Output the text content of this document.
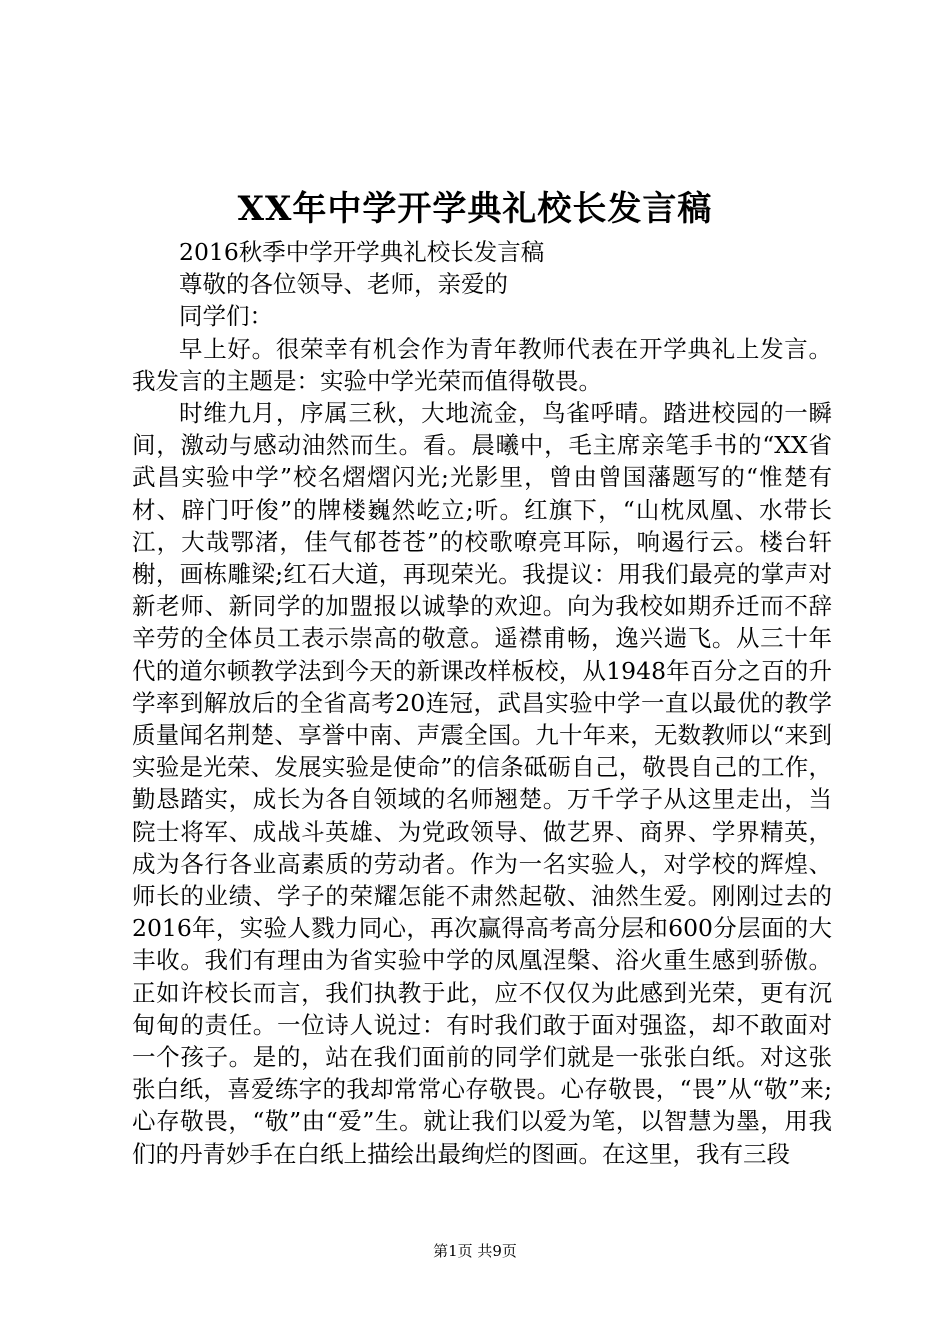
XX年中学开学典礼校长发言稿

2016秋季中学开学典礼校长发言稿

尊敬的各位领导、老师，亲爱的

同学们：

早上好。很荣幸有机会作为青年教师代表在开学典礼上发言。我发言的主题是：实验中学光荣而值得敬畏。

时维九月，序属三秋，大地流金，鸟雀呼晴。踏进校园的一瞬间，激动与感动油然而生。看。晨曦中，毛主席亲笔手书的“XX省武昌实验中学”校名熠熠闪光;光影里，曾由曾国藩题写的“惟楚有材、辟门吁俊”的牌楼巍然屹立;听。红旗下，“山枕凤凰、水带长江，大哉鄂渚，佳气郁苍苍”的校歌嘹亮耳际，响遏行云。楼台轩榭，画栋雕梁;红石大道，再现荣光。我提议：用我们最亮的掌声对新老师、新同学的加盟报以诚挚的欢迎。向为我校如期乔迁而不辞辛劳的全体员工表示崇高的敬意。遥襟甫畅，逸兴遄飞。从三十年代的道尔顿教学法到今天的新课改样板校，从1948年百分之百的升学率到解放后的全省高考20连冠，武昌实验中学一直以最优的教学质量闻名荆楚、享誉中南、声震全国。九十年来，无数教师以“来到实验是光荣、发展实验是使命”的信条砥砺自己，敬畏自己的工作，勤恳踏实，成长为各自领域的名师翘楚。万千学子从这里走出，当院士将军、成战斗英雄、为党政领导、做艺界、商界、学界精英，成为各行各业高素质的劳动者。作为一名实验人，对学校的辉煌、师长的业绩、学子的荣耀怎能不肃然起敬、油然生爱。刚刚过去的2016年，实验人戮力同心，再次赢得高考高分层和600分层面的大丰收。我们有理由为省实验中学的凤凰涅槃、浴火重生感到骄傲。正如许校长而言，我们执教于此，应不仅仅为此感到光荣，更有沉甸甸的责任。一位诗人说过：有时我们敢于面对强盗，却不敢面对一个孩子。是的，站在我们面前的同学们就是一张张白纸。对这张张白纸，喜爱练字的我却常常心存敬畏。心存敬畏，“畏”从“敬”来;心存敬畏，“敬”由“爱”生。就让我们以爱为笔，以智慧为墨，用我们的丹青妙手在白纸上描绘出最绚烂的图画。在这里，我有三段

第1页 共9页
